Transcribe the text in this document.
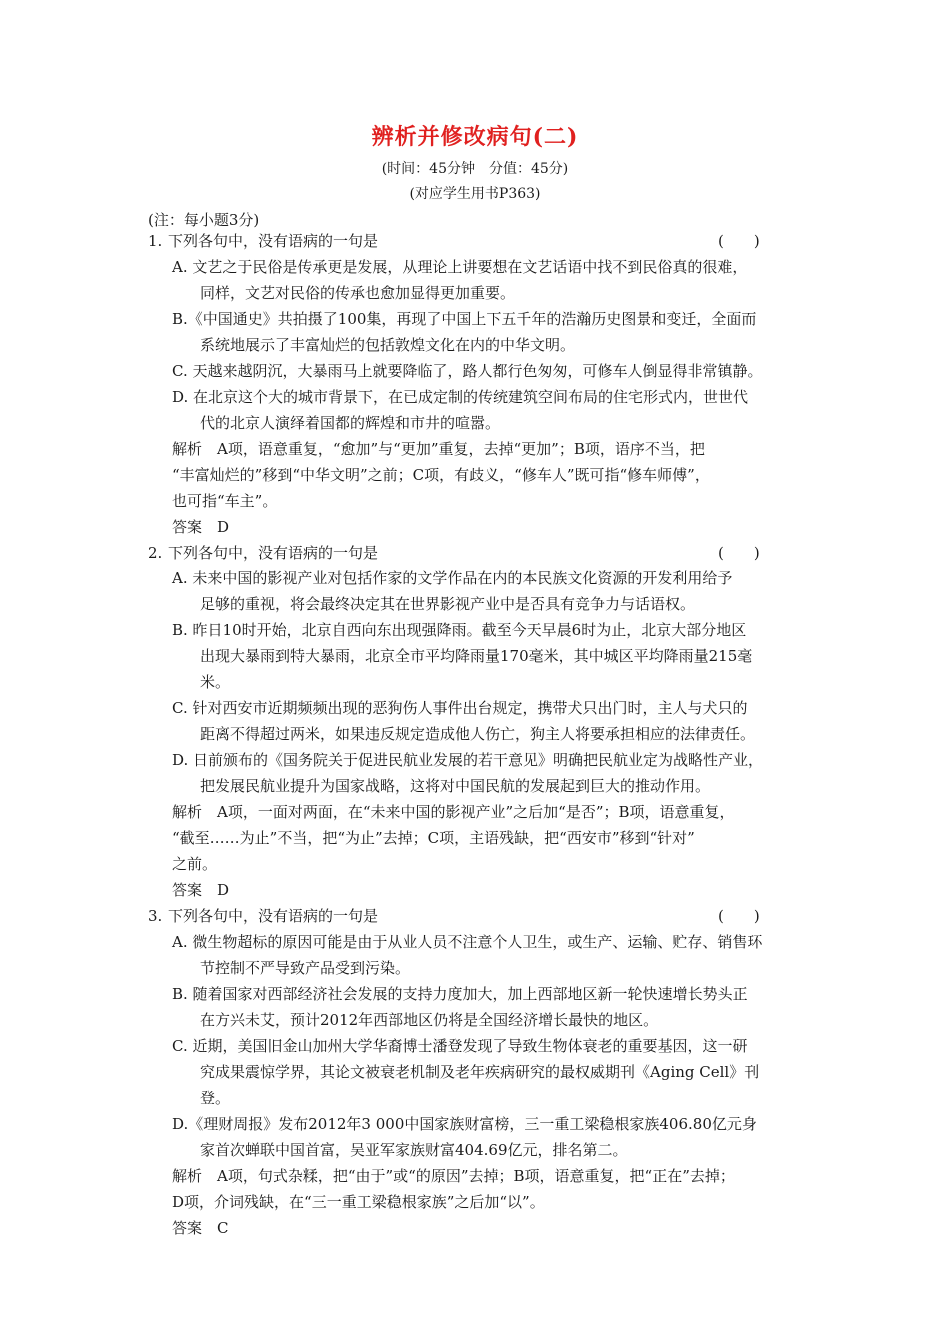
辨析并修改病句(二)
(时间：45分钟　分值：45分)
(对应学生用书P363)
(注：每小题3分)
1. 下列各句中，没有语病的一句是	(　　)
A. 文艺之于民俗是传承更是发展，从理论上讲要想在文艺话语中找不到民俗真的很难，
同样，文艺对民俗的传承也愈加显得更加重要。
B.《中国通史》共拍摄了100集，再现了中国上下五千年的浩瀚历史图景和变迁，全面而
系统地展示了丰富灿烂的包括敦煌文化在内的中华文明。
C. 天越来越阴沉，大暴雨马上就要降临了，路人都行色匆匆，可修车人倒显得非常镇静。
D. 在北京这个大的城市背景下，在已成定制的传统建筑空间布局的住宅形式内，世世代
代的北京人演绎着国都的辉煌和市井的喧嚣。
解析　A项，语意重复，“愈加”与“更加”重复，去掉“更加”；B项，语序不当，把
“丰富灿烂的”移到“中华文明”之前；C项，有歧义，“修车人”既可指“修车师傅”，
也可指“车主”。
答案　D
2. 下列各句中，没有语病的一句是	(　　)
A. 未来中国的影视产业对包括作家的文学作品在内的本民族文化资源的开发利用给予
足够的重视，将会最终决定其在世界影视产业中是否具有竞争力与话语权。
B. 昨日10时开始，北京自西向东出现强降雨。截至今天早晨6时为止，北京大部分地区
出现大暴雨到特大暴雨，北京全市平均降雨量170毫米，其中城区平均降雨量215毫
米。
C. 针对西安市近期频频出现的恶狗伤人事件出台规定，携带犬只出门时，主人与犬只的
距离不得超过两米，如果违反规定造成他人伤亡，狗主人将要承担相应的法律责任。
D. 日前颁布的《国务院关于促进民航业发展的若干意见》明确把民航业定为战略性产业，
把发展民航业提升为国家战略，这将对中国民航的发展起到巨大的推动作用。
解析　A项，一面对两面，在“未来中国的影视产业”之后加“是否”；B项，语意重复，
“截至……为止”不当，把“为止”去掉；C项，主语残缺，把“西安市”移到“针对”
之前。
答案　D
3. 下列各句中，没有语病的一句是	(　　)
A. 微生物超标的原因可能是由于从业人员不注意个人卫生，或生产、运输、贮存、销售环
节控制不严导致产品受到污染。
B. 随着国家对西部经济社会发展的支持力度加大，加上西部地区新一轮快速增长势头正
在方兴未艾，预计2012年西部地区仍将是全国经济增长最快的地区。
C. 近期，美国旧金山加州大学华裔博士潘登发现了导致生物体衰老的重要基因，这一研
究成果震惊学界，其论文被衰老机制及老年疾病研究的最权威期刊《Aging Cell》刊
登。
D.《理财周报》发布2012年3 000中国家族财富榜，三一重工梁稳根家族406.80亿元身
家首次蝉联中国首富，吴亚军家族财富404.69亿元，排名第二。
解析　A项，句式杂糅，把“由于”或“的原因”去掉；B项，语意重复，把“正在”去掉；
D项，介词残缺，在“三一重工梁稳根家族”之后加“以”。
答案　C
